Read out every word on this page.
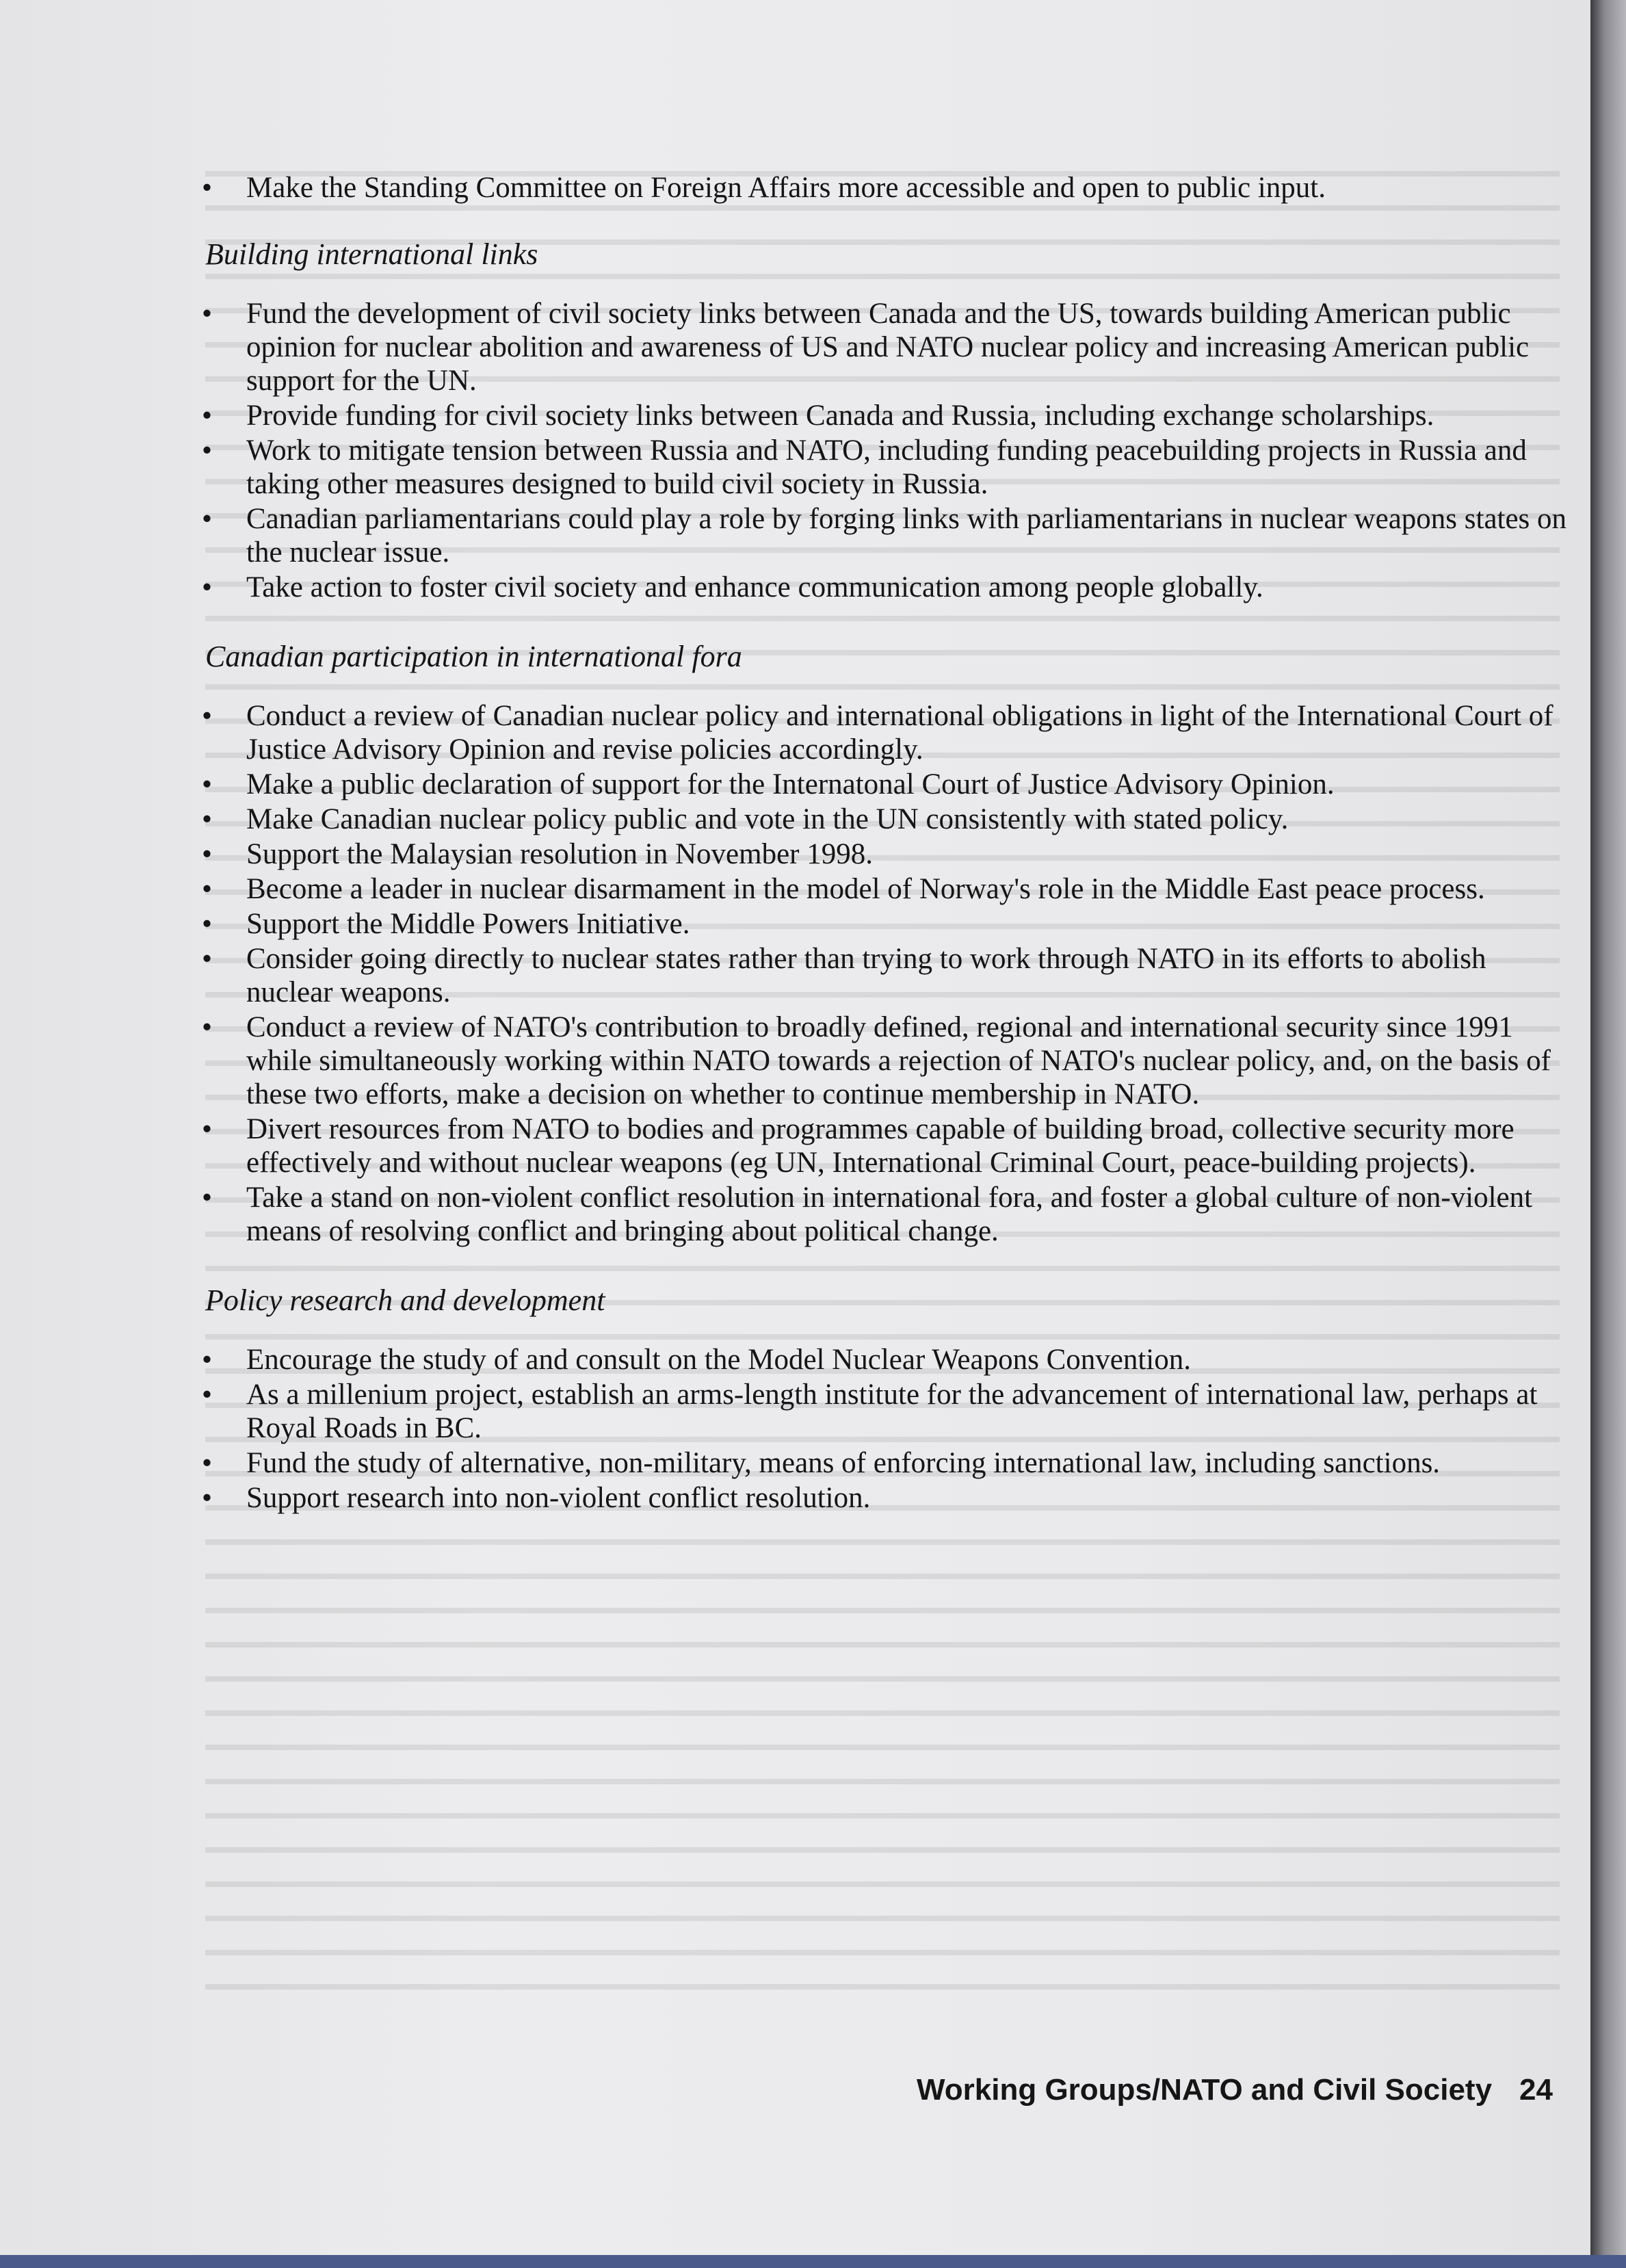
• Make the Standing Committee on Foreign Affairs more accessible and open to public input.
Building international links
• Fund the development of civil society links between Canada and the US, towards building American public opinion for nuclear abolition and awareness of US and NATO nuclear policy and increasing American public support for the UN.
• Provide funding for civil society links between Canada and Russia, including exchange scholarships.
• Work to mitigate tension between Russia and NATO, including funding peacebuilding projects in Russia and taking other measures designed to build civil society in Russia.
• Canadian parliamentarians could play a role by forging links with parliamentarians in nuclear weapons states on the nuclear issue.
• Take action to foster civil society and enhance communication among people globally.
Canadian participation in international fora
• Conduct a review of Canadian nuclear policy and international obligations in light of the International Court of Justice Advisory Opinion and revise policies accordingly.
• Make a public declaration of support for the Internatonal Court of Justice Advisory Opinion.
• Make Canadian nuclear policy public and vote in the UN consistently with stated policy.
• Support the Malaysian resolution in November 1998.
• Become a leader in nuclear disarmament in the model of Norway's role in the Middle East peace process.
• Support the Middle Powers Initiative.
• Consider going directly to nuclear states rather than trying to work through NATO in its efforts to abolish nuclear weapons.
• Conduct a review of NATO's contribution to broadly defined, regional and international security since 1991 while simultaneously working within NATO towards a rejection of NATO's nuclear policy, and, on the basis of these two efforts, make a decision on whether to continue membership in NATO.
• Divert resources from NATO to bodies and programmes capable of building broad, collective security more effectively and without nuclear weapons (eg UN, International Criminal Court, peace-building projects).
• Take a stand on non-violent conflict resolution in international fora, and foster a global culture of non-violent means of resolving conflict and bringing about political change.
Policy research and development
• Encourage the study of and consult on the Model Nuclear Weapons Convention.
• As a millenium project, establish an arms-length institute for the advancement of international law, perhaps at Royal Roads in BC.
• Fund the study of alternative, non-military, means of enforcing international law, including sanctions.
• Support research into non-violent conflict resolution.
Working Groups/NATO and Civil Society 24
